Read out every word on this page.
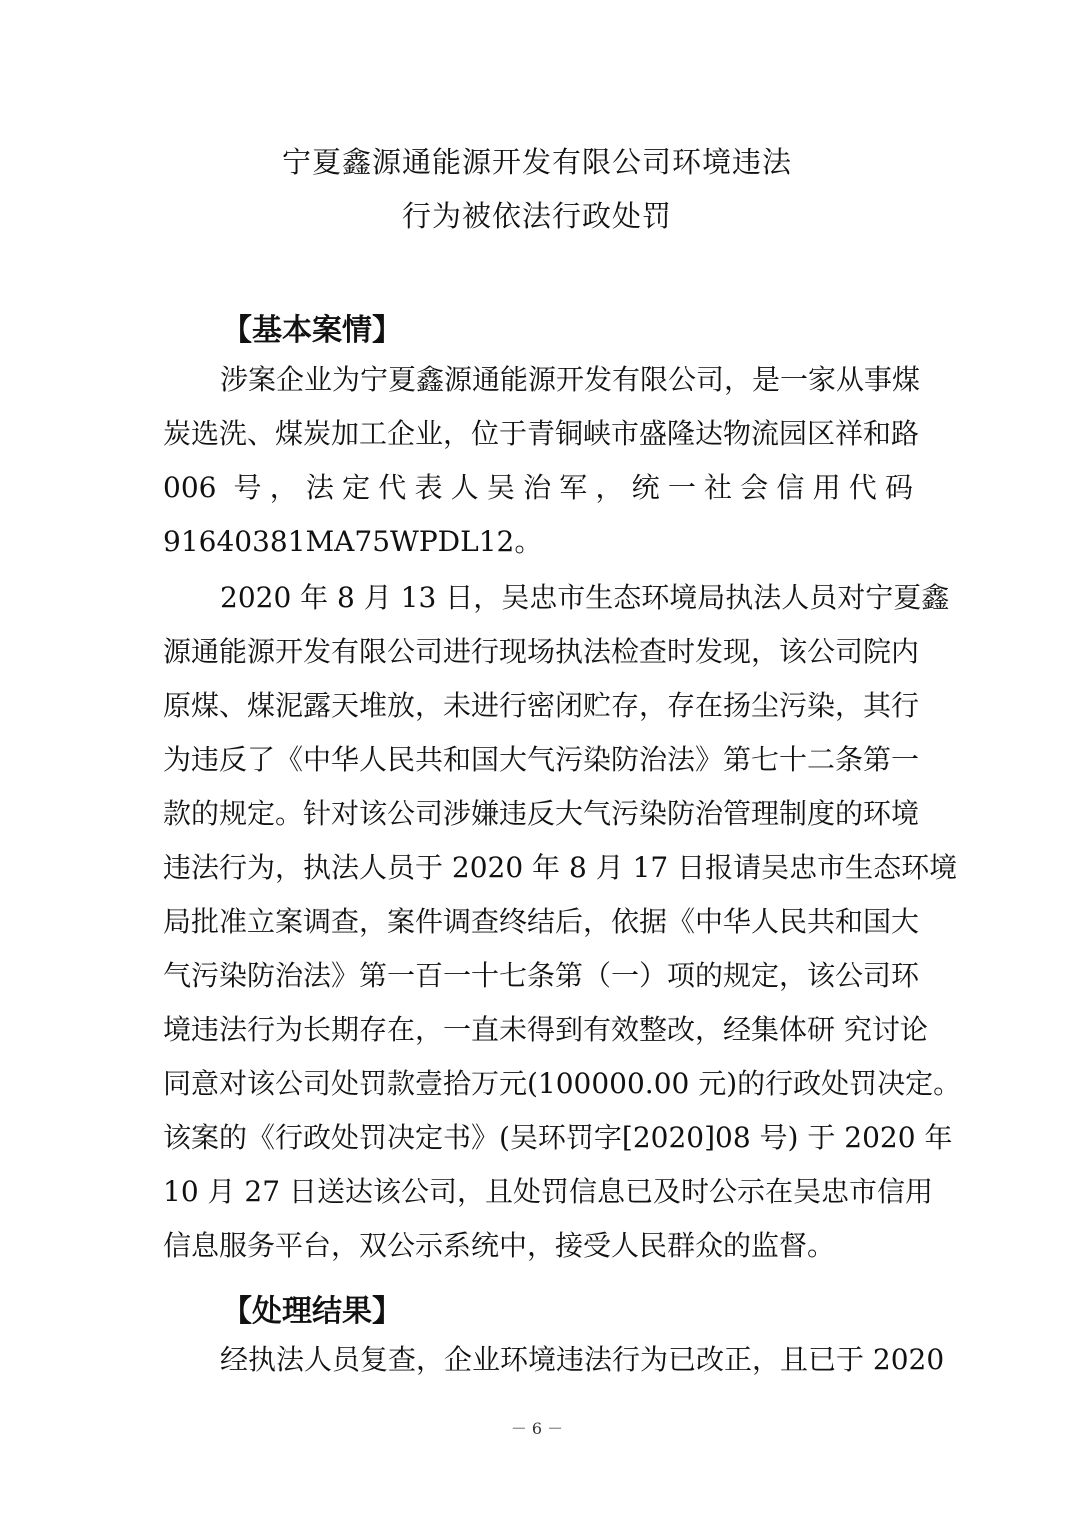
宁夏鑫源通能源开发有限公司环境违法
行为被依法行政处罚
【基本案情】
涉案企业为宁夏鑫源通能源开发有限公司，是一家从事煤
炭选洗、煤炭加工企业，位于青铜峡市盛隆达物流园区祥和路
006 号，法定代表人吴治军，统一社会信用代码
91640381MA75WPDL12。
2020 年 8 月 13 日，吴忠市生态环境局执法人员对宁夏鑫
源通能源开发有限公司进行现场执法检查时发现，该公司院内
原煤、煤泥露天堆放，未进行密闭贮存，存在扬尘污染，其行
为违反了《中华人民共和国大气污染防治法》第七十二条第一
款的规定。针对该公司涉嫌违反大气污染防治管理制度的环境
违法行为，执法人员于 2020 年 8 月 17 日报请吴忠市生态环境
局批准立案调查，案件调查终结后，依据《中华人民共和国大
气污染防治法》第一百一十七条第（一）项的规定，该公司环
境违法行为长期存在，一直未得到有效整改，经集体研 究讨论
同意对该公司处罚款壹拾万元(100000.00 元)的行政处罚决定。
该案的《行政处罚决定书》(吴环罚字[2020]08 号) 于 2020 年
10 月 27 日送达该公司，且处罚信息已及时公示在吴忠市信用
信息服务平台，双公示系统中，接受人民群众的监督。
【处理结果】
经执法人员复查，企业环境违法行为已改正，且已于 2020
－ 6 －
